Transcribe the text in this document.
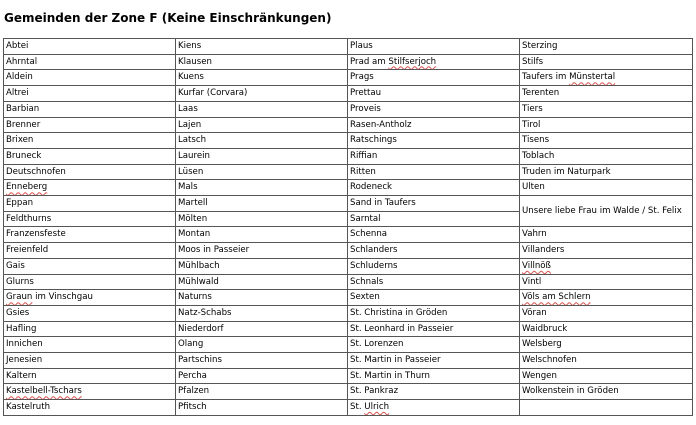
Gemeinden der Zone F (Keine Einschränkungen)
Abtei	Kiens	Plaus	Sterzing
Ahrntal	Klausen	Prad am Stilfserjoch	Stilfs
Aldein	Kuens	Prags	Taufers im Münstertal
Altrei	Kurfar (Corvara)	Prettau	Terenten
Barbian	Laas	Proveis	Tiers
Brenner	Lajen	Rasen-Antholz	Tirol
Brixen	Latsch	Ratschings	Tisens
Bruneck	Laurein	Riffian	Toblach
Deutschnofen	Lüsen	Ritten	Truden im Naturpark
Enneberg	Mals	Rodeneck	Ulten
Eppan	Martell	Sand in Taufers	Unsere liebe Frau im Walde / St. Felix
Feldthurns	Mölten	Sarntal	
Franzensfeste	Montan	Schenna	Vahrn
Freienfeld	Moos in Passeier	Schlanders	Villanders
Gais	Mühlbach	Schluderns	Villnöß
Glurns	Mühlwald	Schnals	Vintl
Graun im Vinschgau	Naturns	Sexten	Völs am Schlern
Gsies	Natz-Schabs	St. Christina in Gröden	Vöran
Hafling	Niederdorf	St. Leonhard in Passeier	Waidbruck
Innichen	Olang	St. Lorenzen	Welsberg
Jenesien	Partschins	St. Martin in Passeier	Welschnofen
Kaltern	Percha	St. Martin in Thurn	Wengen
Kastelbell-Tschars	Pfalzen	St. Pankraz	Wolkenstein in Gröden
Kastelruth	Pfitsch	St. Ulrich	
